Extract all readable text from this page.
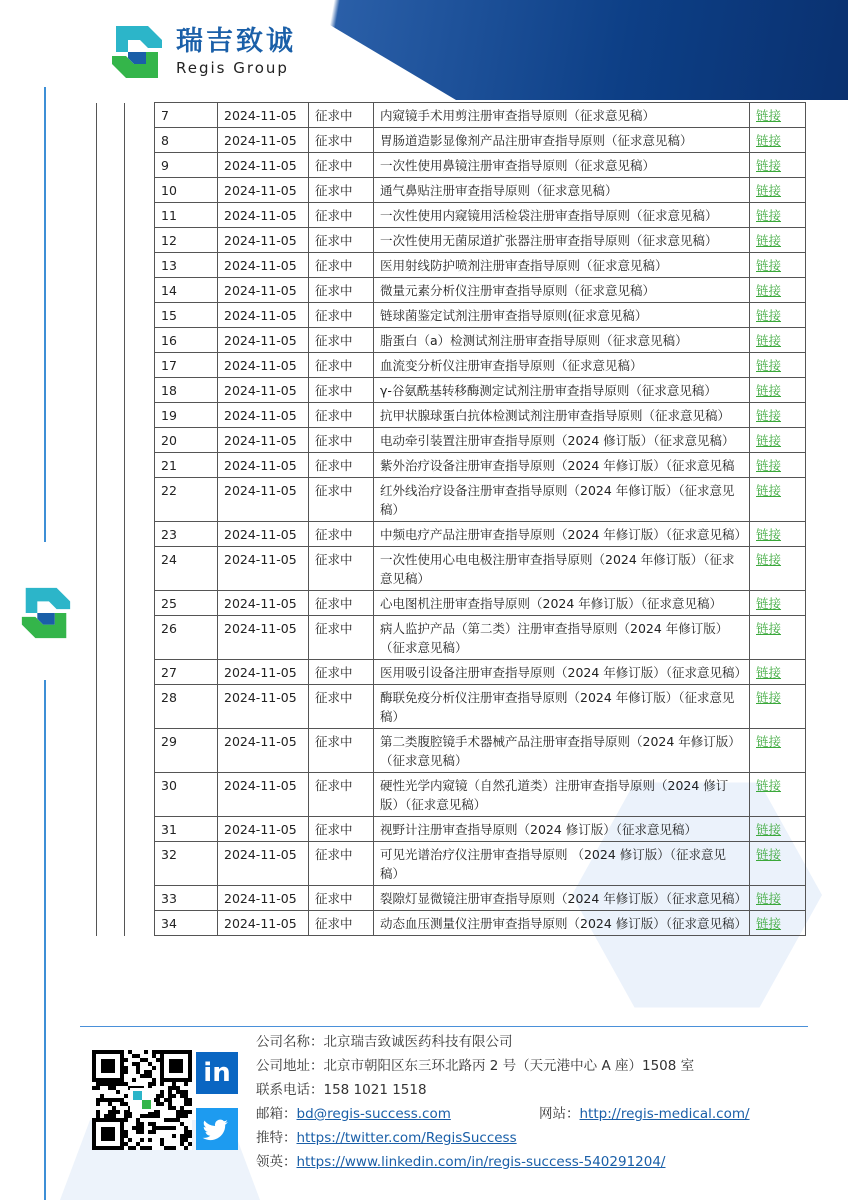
瑞吉致诚
Regis Group
		7	2024-11-05	征求中	内窥镜手术用剪注册审查指导原则（征求意见稿）	链接
		8	2024-11-05	征求中	胃肠道造影显像剂产品注册审查指导原则（征求意见稿）	链接
		9	2024-11-05	征求中	一次性使用鼻镜注册审查指导原则（征求意见稿）	链接
		10	2024-11-05	征求中	通气鼻贴注册审查指导原则（征求意见稿）	链接
		11	2024-11-05	征求中	一次性使用内窥镜用活检袋注册审查指导原则（征求意见稿）	链接
		12	2024-11-05	征求中	一次性使用无菌尿道扩张器注册审查指导原则（征求意见稿）	链接
		13	2024-11-05	征求中	医用射线防护喷剂注册审查指导原则（征求意见稿）	链接
		14	2024-11-05	征求中	微量元素分析仪注册审查指导原则（征求意见稿）	链接
		15	2024-11-05	征求中	链球菌鉴定试剂注册审查指导原则(征求意见稿）	链接
		16	2024-11-05	征求中	脂蛋白（a）检测试剂注册审查指导原则（征求意见稿）	链接
		17	2024-11-05	征求中	血流变分析仪注册审查指导原则（征求意见稿）	链接
		18	2024-11-05	征求中	γ-谷氨酰基转移酶测定试剂注册审查指导原则（征求意见稿）	链接
		19	2024-11-05	征求中	抗甲状腺球蛋白抗体检测试剂注册审查指导原则（征求意见稿）	链接
		20	2024-11-05	征求中	电动牵引装置注册审查指导原则（2024 修订版）（征求意见稿）	链接
		21	2024-11-05	征求中	紫外治疗设备注册审查指导原则（2024 年修订版）（征求意见稿	链接
		22	2024-11-05	征求中	红外线治疗设备注册审查指导原则（2024 年修订版）（征求意见稿）	链接
		23	2024-11-05	征求中	中频电疗产品注册审查指导原则（2024 年修订版）（征求意见稿）	链接
		24	2024-11-05	征求中	一次性使用心电电极注册审查指导原则（2024 年修订版）（征求意见稿）	链接
		25	2024-11-05	征求中	心电图机注册审查指导原则（2024 年修订版）（征求意见稿）	链接
		26	2024-11-05	征求中	病人监护产品（第二类）注册审查指导原则（2024 年修订版）（征求意见稿）	链接
		27	2024-11-05	征求中	医用吸引设备注册审查指导原则（2024 年修订版）（征求意见稿）	链接
		28	2024-11-05	征求中	酶联免疫分析仪注册审查指导原则（2024 年修订版）（征求意见稿）	链接
		29	2024-11-05	征求中	第二类腹腔镜手术器械产品注册审查指导原则（2024 年修订版）（征求意见稿）	链接
		30	2024-11-05	征求中	硬性光学内窥镜（自然孔道类）注册审查指导原则（2024 修订版）（征求意见稿）	链接
		31	2024-11-05	征求中	视野计注册审查指导原则（2024 修订版）（征求意见稿）	链接
		32	2024-11-05	征求中	可见光谱治疗仪注册审查指导原则 （2024 修订版）（征求意见稿）	链接
		33	2024-11-05	征求中	裂隙灯显微镜注册审查指导原则（2024 年修订版）（征求意见稿）	链接
		34	2024-11-05	征求中	动态血压测量仪注册审查指导原则（2024 修订版）（征求意见稿）	链接
in
公司名称：北京瑞吉致诚医药科技有限公司
公司地址：北京市朝阳区东三环北路丙 2 号（天元港中心 A 座）1508 室
联系电话：158 1021 1518
邮箱：bd@regis-success.com	网站：http://regis-medical.com/
推特：https://twitter.com/RegisSuccess
领英：https://www.linkedin.com/in/regis-success-540291204/
